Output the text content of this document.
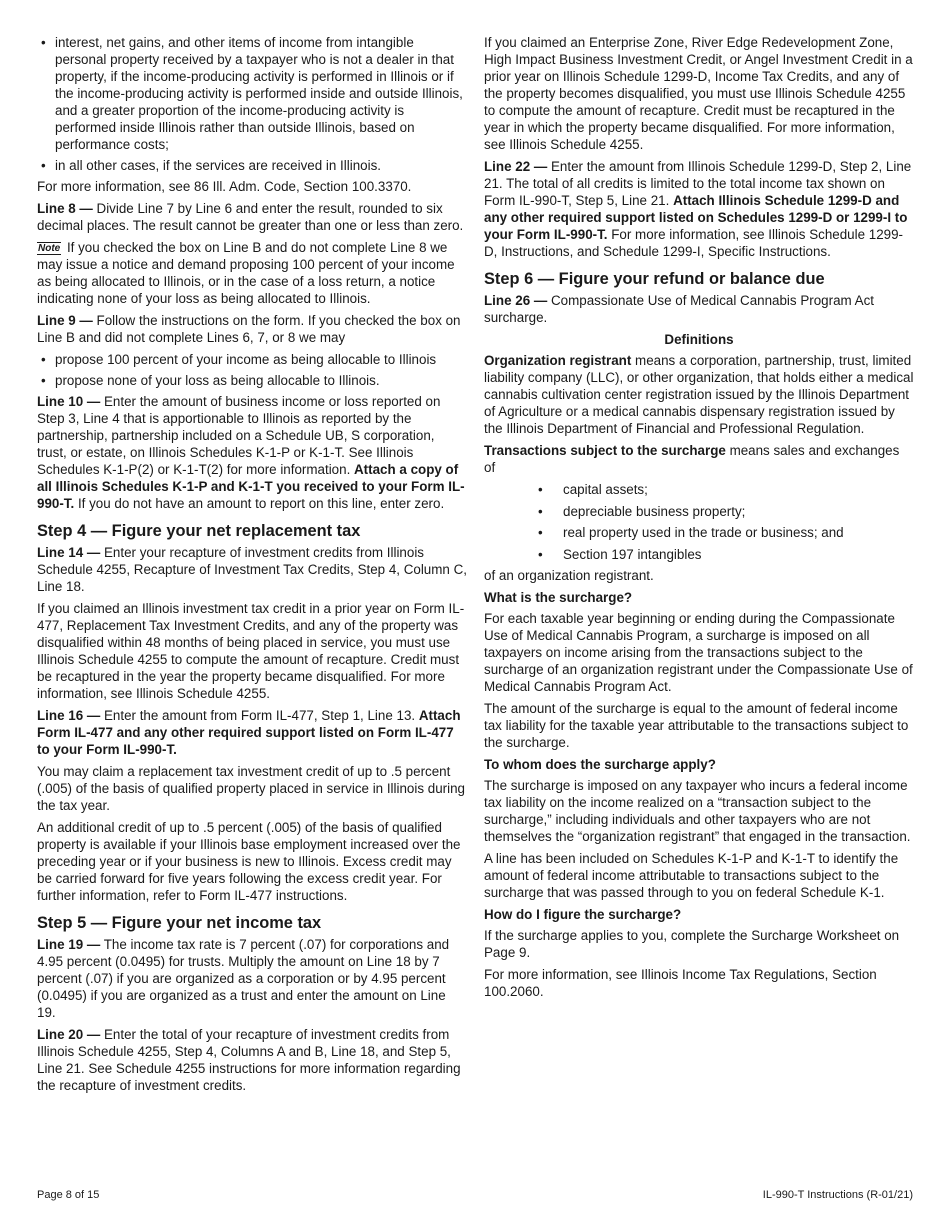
• interest, net gains, and other items of income from intangible personal property received by a taxpayer who is not a dealer in that property, if the income-producing activity is performed in Illinois or if the income-producing activity is performed inside and outside Illinois, and a greater proportion of the income-producing activity is performed inside Illinois rather than outside Illinois, based on performance costs;
• in all other cases, if the services are received in Illinois.

For more information, see 86 Ill. Adm. Code, Section 100.3370.

Line 8 — Divide Line 7 by Line 6 and enter the result, rounded to six decimal places. The result cannot be greater than one or less than zero.

Note If you checked the box on Line B and do not complete Line 8 we may issue a notice and demand proposing 100 percent of your income as being allocated to Illinois, or in the case of a loss return, a notice indicating none of your loss as being allocated to Illinois.

Line 9 — Follow the instructions on the form. If you checked the box on Line B and did not complete Lines 6, 7, or 8 we may

• propose 100 percent of your income as being allocable to Illinois
• propose none of your loss as being allocable to Illinois.

Line 10 — Enter the amount of business income or loss reported on Step 3, Line 4 that is apportionable to Illinois as reported by the partnership, partnership included on a Schedule UB, S corporation, trust, or estate, on Illinois Schedules K-1-P or K-1-T. See Illinois Schedules K-1-P(2) or K-1-T(2) for more information. Attach a copy of all Illinois Schedules K-1-P and K-1-T you received to your Form IL-990-T. If you do not have an amount to report on this line, enter zero.

Step 4 — Figure your net replacement tax

Line 14 — Enter your recapture of investment credits from Illinois Schedule 4255, Recapture of Investment Tax Credits, Step 4, Column C, Line 18.

If you claimed an Illinois investment tax credit in a prior year on Form IL-477, Replacement Tax Investment Credits, and any of the property was disqualified within 48 months of being placed in service, you must use Illinois Schedule 4255 to compute the amount of recapture. Credit must be recaptured in the year the property became disqualified. For more information, see Illinois Schedule 4255.

Line 16 — Enter the amount from Form IL-477, Step 1, Line 13. Attach Form IL-477 and any other required support listed on Form IL-477 to your Form IL-990-T.

You may claim a replacement tax investment credit of up to .5 percent (.005) of the basis of qualified property placed in service in Illinois during the tax year.

An additional credit of up to .5 percent (.005) of the basis of qualified property is available if your Illinois base employment increased over the preceding year or if your business is new to Illinois. Excess credit may be carried forward for five years following the excess credit year. For further information, refer to Form IL-477 instructions.

Step 5 — Figure your net income tax

Line 19 — The income tax rate is 7 percent (.07) for corporations and 4.95 percent (0.0495) for trusts. Multiply the amount on Line 18 by 7 percent (.07) if you are organized as a corporation or by 4.95 percent (0.0495) if you are organized as a trust and enter the amount on Line 19.

Line 20 — Enter the total of your recapture of investment credits from Illinois Schedule 4255, Step 4, Columns A and B, Line 18, and Step 5, Line 21. See Schedule 4255 instructions for more information regarding the recapture of investment credits.

If you claimed an Enterprise Zone, River Edge Redevelopment Zone, High Impact Business Investment Credit, or Angel Investment Credit in a prior year on Illinois Schedule 1299-D, Income Tax Credits, and any of the property becomes disqualified, you must use Illinois Schedule 4255 to compute the amount of recapture. Credit must be recaptured in the year in which the property became disqualified. For more information, see Illinois Schedule 4255.

Line 22 — Enter the amount from Illinois Schedule 1299-D, Step 2, Line 21. The total of all credits is limited to the total income tax shown on Form IL-990-T, Step 5, Line 21. Attach Illinois Schedule 1299-D and any other required support listed on Schedules 1299-D or 1299-I to your Form IL-990-T. For more information, see Illinois Schedule 1299-D, Instructions, and Schedule 1299-I, Specific Instructions.

Step 6 — Figure your refund or balance due

Line 26 — Compassionate Use of Medical Cannabis Program Act surcharge.

Definitions

Organization registrant means a corporation, partnership, trust, limited liability company (LLC), or other organization, that holds either a medical cannabis cultivation center registration issued by the Illinois Department of Agriculture or a medical cannabis dispensary registration issued by the Illinois Department of Financial and Professional Regulation.

Transactions subject to the surcharge means sales and exchanges of

• capital assets;
• depreciable business property;
• real property used in the trade or business; and
• Section 197 intangibles

of an organization registrant.

What is the surcharge?

For each taxable year beginning or ending during the Compassionate Use of Medical Cannabis Program, a surcharge is imposed on all taxpayers on income arising from the transactions subject to the surcharge of an organization registrant under the Compassionate Use of Medical Cannabis Program Act.

The amount of the surcharge is equal to the amount of federal income tax liability for the taxable year attributable to the transactions subject to the surcharge.

To whom does the surcharge apply?

The surcharge is imposed on any taxpayer who incurs a federal income tax liability on the income realized on a “transaction subject to the surcharge,” including individuals and other taxpayers who are not themselves the “organization registrant” that engaged in the transaction.

A line has been included on Schedules K-1-P and K-1-T to identify the amount of federal income attributable to transactions subject to the surcharge that was passed through to you on federal Schedule K-1.

How do I figure the surcharge?

If the surcharge applies to you, complete the Surcharge Worksheet on Page 9.

For more information, see Illinois Income Tax Regulations, Section 100.2060.

Page 8 of 15	IL-990-T Instructions (R-01/21)
